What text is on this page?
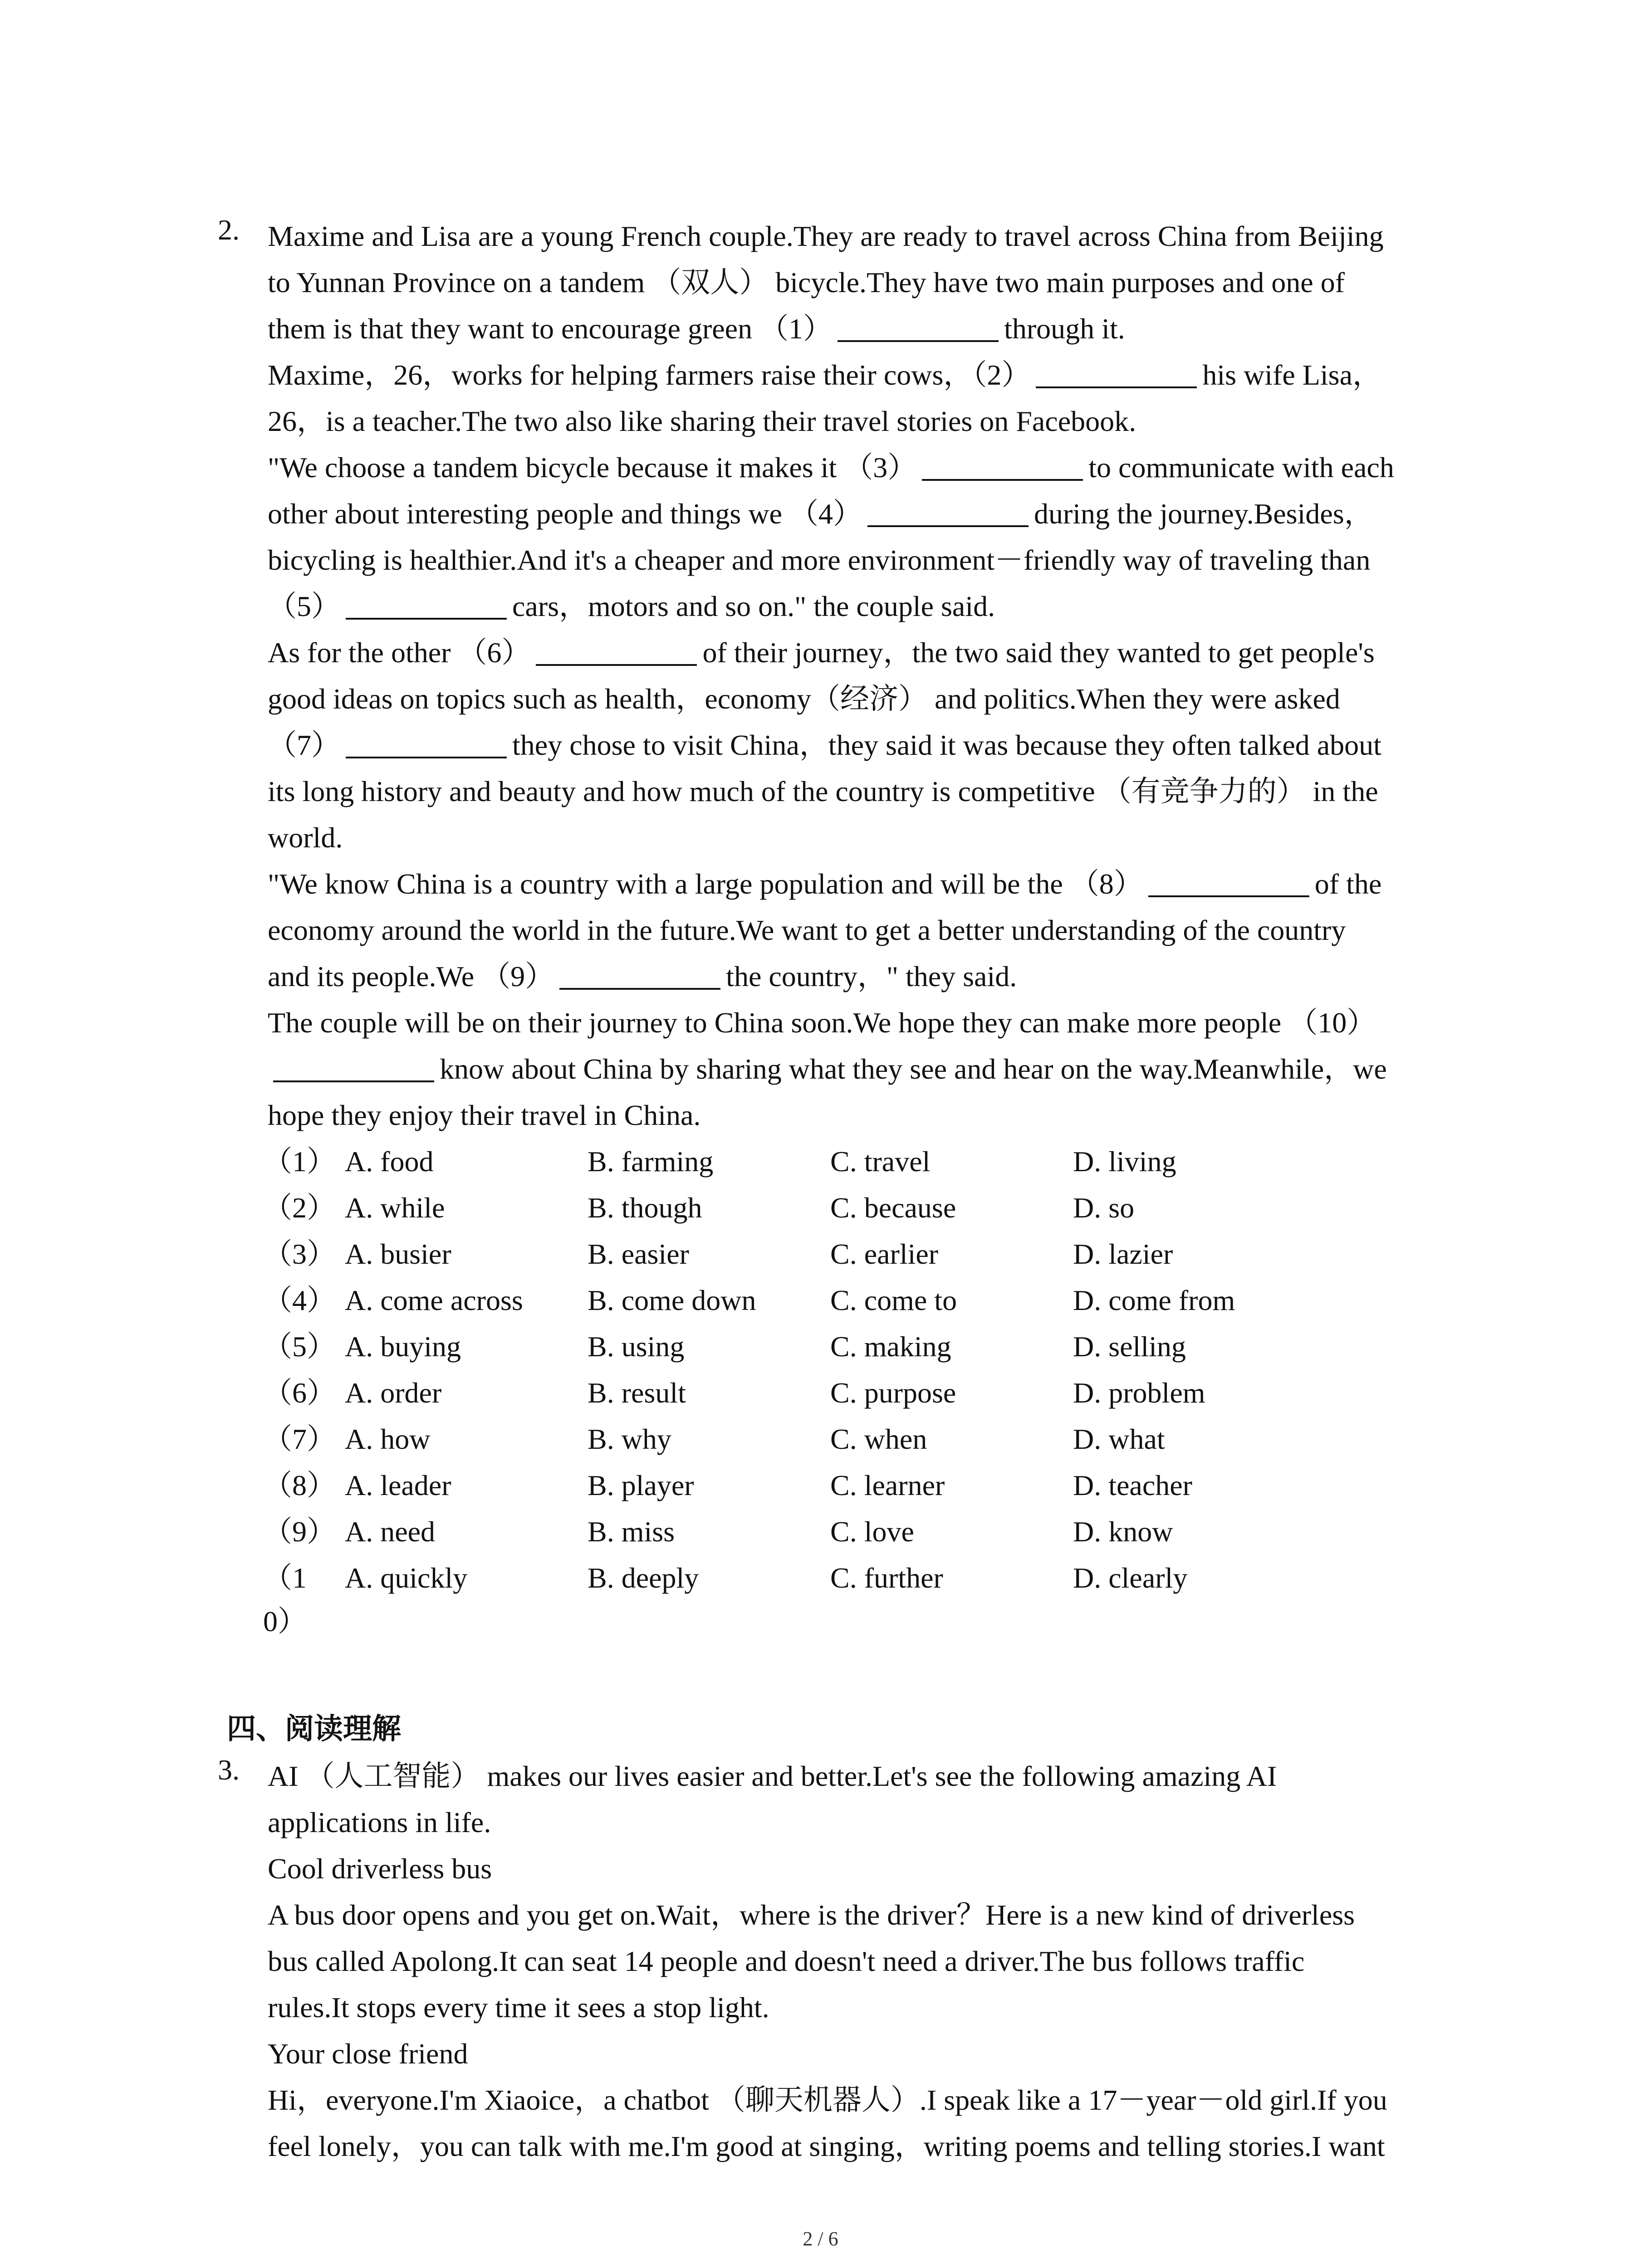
2. Maxime and Lisa are a young French couple.They are ready to travel across China from Beijing

to Yunnan Province on a tandem （双人） bicycle.They have two main purposes and one of

them is that they want to encourage green （1）	through it.

Maxime，26，works for helping farmers raise their cows，（2）	his wife Lisa，

26，is a teacher.The two also like sharing their travel stories on Facebook.

"We choose a tandem bicycle because it makes it （3）	to communicate with each

other about interesting people and things we （4）	during the journey.Besides，

bicycling is healthier.And it's a cheaper and more environment－friendly way of traveling than

（5）	cars，motors and so on." the couple said.

As for the other （6）	of their journey，the two said they wanted to get people's

good ideas on topics such as health，economy（经济） and politics.When they were asked

（7）	they chose to visit China，they said it was because they often talked about

its long history and beauty and how much of the country is competitive （有竞争力的） in the

world.

"We know China is a country with a large population and will be the （8）	of the

economy around the world in the future.We want to get a better understanding of the country

and its people.We （9）	the country，" they said.

The couple will be on their journey to China soon.We hope they can make more people （10）

know about China by sharing what they see and hear on the way.Meanwhile，we

hope they enjoy their travel in China.

（1） A. food	B. farming	C. travel	D. living
（2） A. while	B. though	C. because	D. so
（3） A. busier	B. easier	C. earlier	D. lazier
（4） A. come across B. come down	C. come to	D. come from
（5） A. buying	B. using	C. making	D. selling
（6） A. order	B. result	C. purpose	D. problem
（7） A. how	B. why	C. when	D. what
（8） A. leader	B. player	C. learner	D. teacher
（9） A. need	B. miss	C. love	D. know
（1	A. quickly	B. deeply	C. further	D. clearly
0）
四、阅读理解
3. AI （人工智能） makes our lives easier and better.Let's see the following amazing AI

applications in life.

Cool driverless bus

A bus door opens and you get on.Wait，where is the driver？Here is a new kind of driverless

bus called Apolong.It can seat 14 people and doesn't need a driver.The bus follows traffic

rules.It stops every time it sees a stop light.

Your close friend

Hi，everyone.I'm Xiaoice，a chatbot （聊天机器人）.I speak like a 17－year－old girl.If you

feel lonely，you can talk with me.I'm good at singing，writing poems and telling stories.I want

2 / 6
